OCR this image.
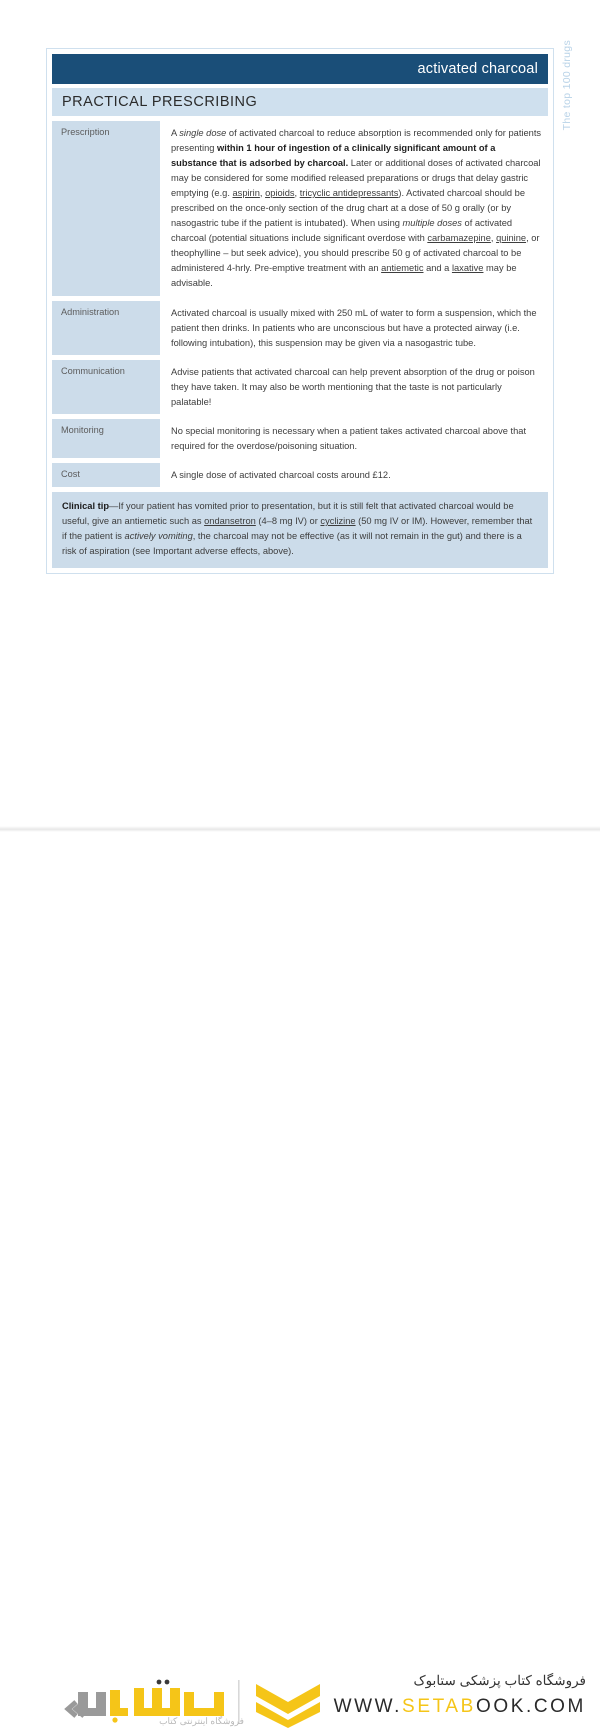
The top 100 drugs
activated charcoal
PRACTICAL PRESCRIBING
Prescription	A single dose of activated charcoal to reduce absorption is recommended only for patients presenting within 1 hour of ingestion of a clinically significant amount of a substance that is adsorbed by charcoal. Later or additional doses of activated charcoal may be considered for some modified released preparations or drugs that delay gastric emptying (e.g. aspirin, opioids, tricyclic antidepressants). Activated charcoal should be prescribed on the once-only section of the drug chart at a dose of 50 g orally (or by nasogastric tube if the patient is intubated). When using multiple doses of activated charcoal (potential situations include significant overdose with carbamazepine, quinine, or theophylline – but seek advice), you should prescribe 50 g of activated charcoal to be administered 4-hrly. Pre-emptive treatment with an antiemetic and a laxative may be advisable.
Administration	Activated charcoal is usually mixed with 250 mL of water to form a suspension, which the patient then drinks. In patients who are unconscious but have a protected airway (i.e. following intubation), this suspension may be given via a nasogastric tube.
Communication	Advise patients that activated charcoal can help prevent absorption of the drug or poison they have taken. It may also be worth mentioning that the taste is not particularly palatable!
Monitoring	No special monitoring is necessary when a patient takes activated charcoal above that required for the overdose/poisoning situation.
Cost	A single dose of activated charcoal costs around £12.
Clinical tip—If your patient has vomited prior to presentation, but it is still felt that activated charcoal would be useful, give an antiemetic such as ondansetron (4–8 mg IV) or cyclizine (50 mg IV or IM). However, remember that if the patient is actively vomiting, the charcoal may not be effective (as it will not remain in the gut) and there is a risk of aspiration (see Important adverse effects, above).
فروشگاه اینترنتی کتاب
فروشگاه کتاب پزشکی ستابوک
WWW.SETABOOK.COM
